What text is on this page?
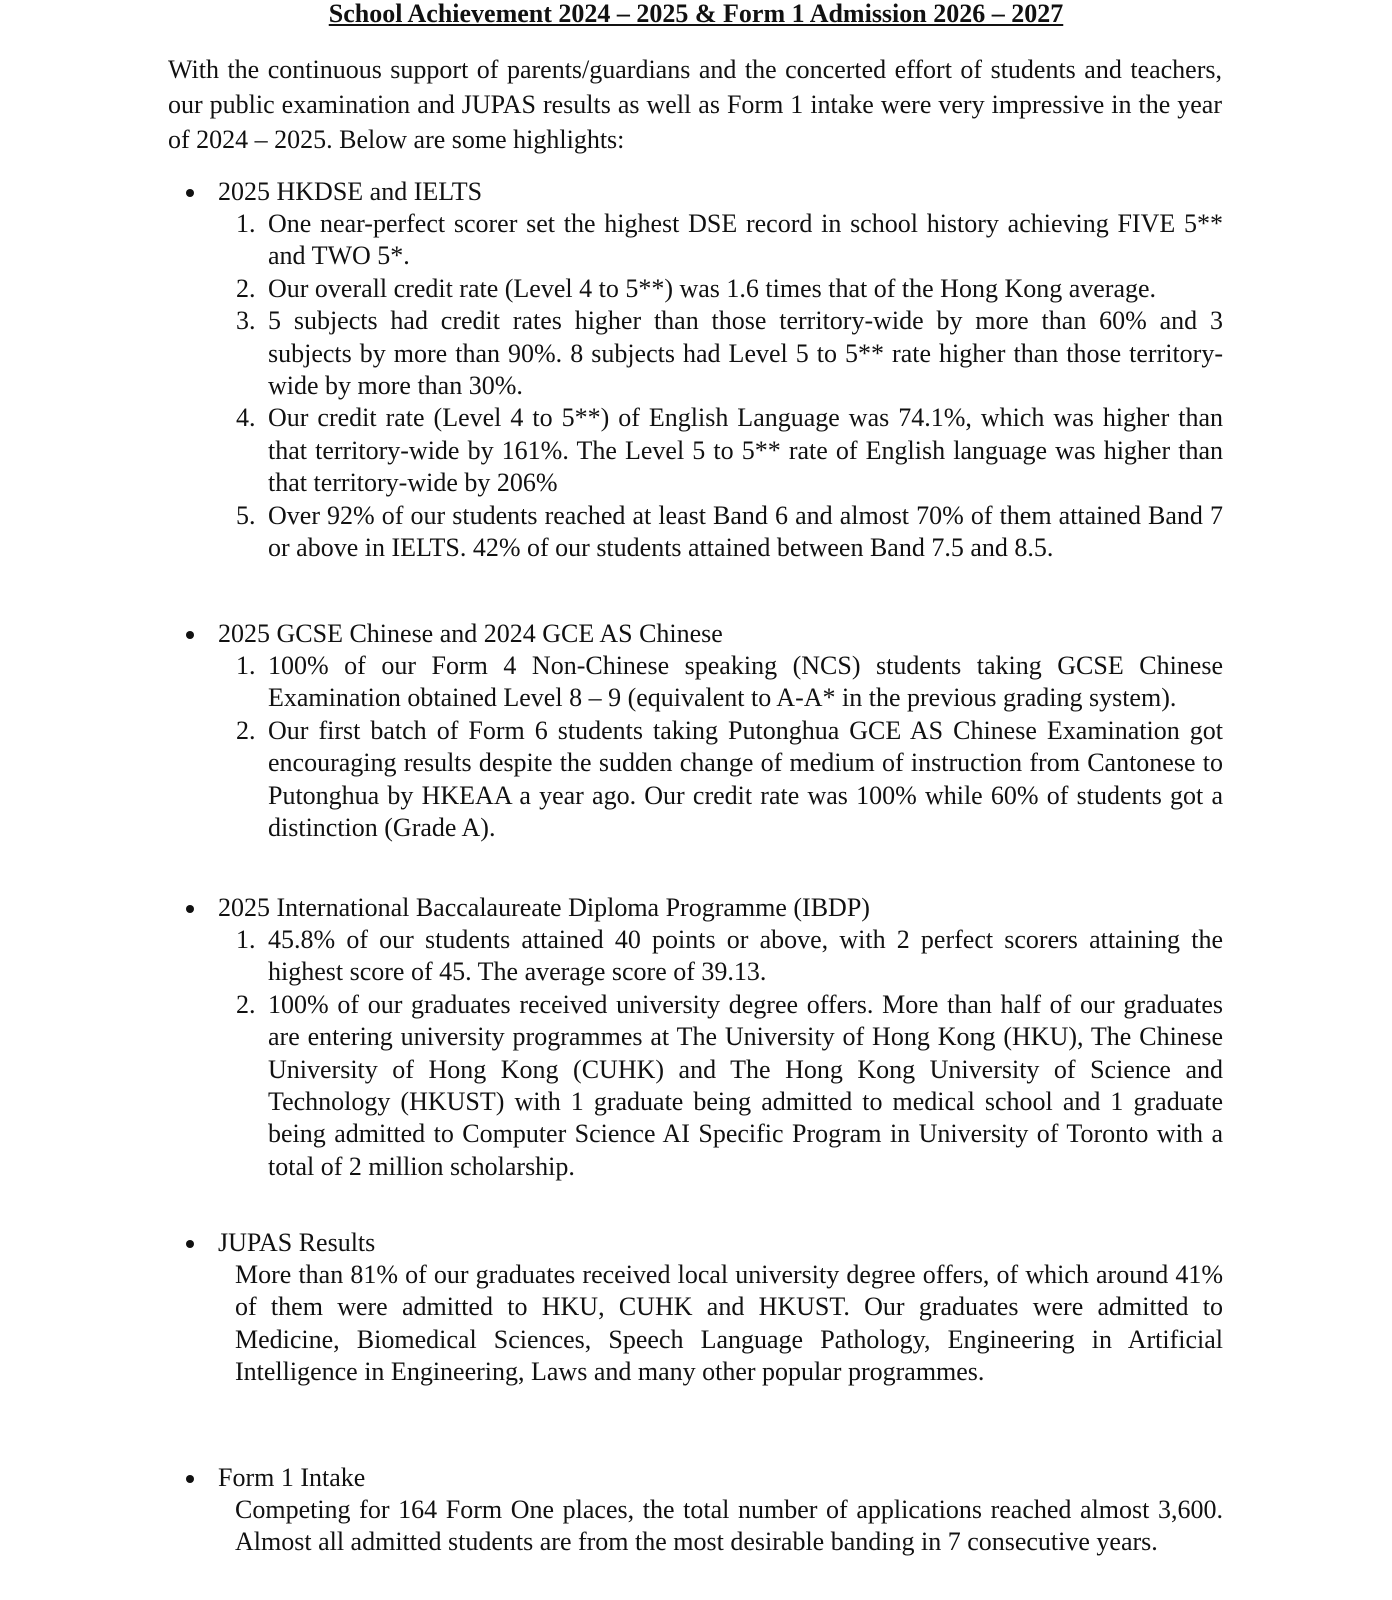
School Achievement 2024 – 2025 & Form 1 Admission 2026 – 2027

With the continuous support of parents/guardians and the concerted effort of students and teachers, our public examination and JUPAS results as well as Form 1 intake were very impressive in the year of 2024 – 2025. Below are some highlights:

2025 HKDSE and IELTS
1. One near-perfect scorer set the highest DSE record in school history achieving FIVE 5** and TWO 5*.
2. Our overall credit rate (Level 4 to 5**) was 1.6 times that of the Hong Kong average.
3. 5 subjects had credit rates higher than those territory-wide by more than 60% and 3 subjects by more than 90%. 8 subjects had Level 5 to 5** rate higher than those territory-wide by more than 30%.
4. Our credit rate (Level 4 to 5**) of English Language was 74.1%, which was higher than that territory-wide by 161%. The Level 5 to 5** rate of English language was higher than that territory-wide by 206%
5. Over 92% of our students reached at least Band 6 and almost 70% of them attained Band 7 or above in IELTS. 42% of our students attained between Band 7.5 and 8.5.
2025 GCSE Chinese and 2024 GCE AS Chinese
1. 100% of our Form 4 Non-Chinese speaking (NCS) students taking GCSE Chinese Examination obtained Level 8 – 9 (equivalent to A-A* in the previous grading system).
2. Our first batch of Form 6 students taking Putonghua GCE AS Chinese Examination got encouraging results despite the sudden change of medium of instruction from Cantonese to Putonghua by HKEAA a year ago. Our credit rate was 100% while 60% of students got a distinction (Grade A).
2025 International Baccalaureate Diploma Programme (IBDP)
1. 45.8% of our students attained 40 points or above, with 2 perfect scorers attaining the highest score of 45. The average score of 39.13.
2. 100% of our graduates received university degree offers. More than half of our graduates are entering university programmes at The University of Hong Kong (HKU), The Chinese University of Hong Kong (CUHK) and The Hong Kong University of Science and Technology (HKUST) with 1 graduate being admitted to medical school and 1 graduate being admitted to Computer Science AI Specific Program in University of Toronto with a total of 2 million scholarship.
JUPAS Results

More than 81% of our graduates received local university degree offers, of which around 41% of them were admitted to HKU, CUHK and HKUST. Our graduates were admitted to Medicine, Biomedical Sciences, Speech Language Pathology, Engineering in Artificial Intelligence in Engineering, Laws and many other popular programmes.

Form 1 Intake

Competing for 164 Form One places, the total number of applications reached almost 3,600. Almost all admitted students are from the most desirable banding in 7 consecutive years.
